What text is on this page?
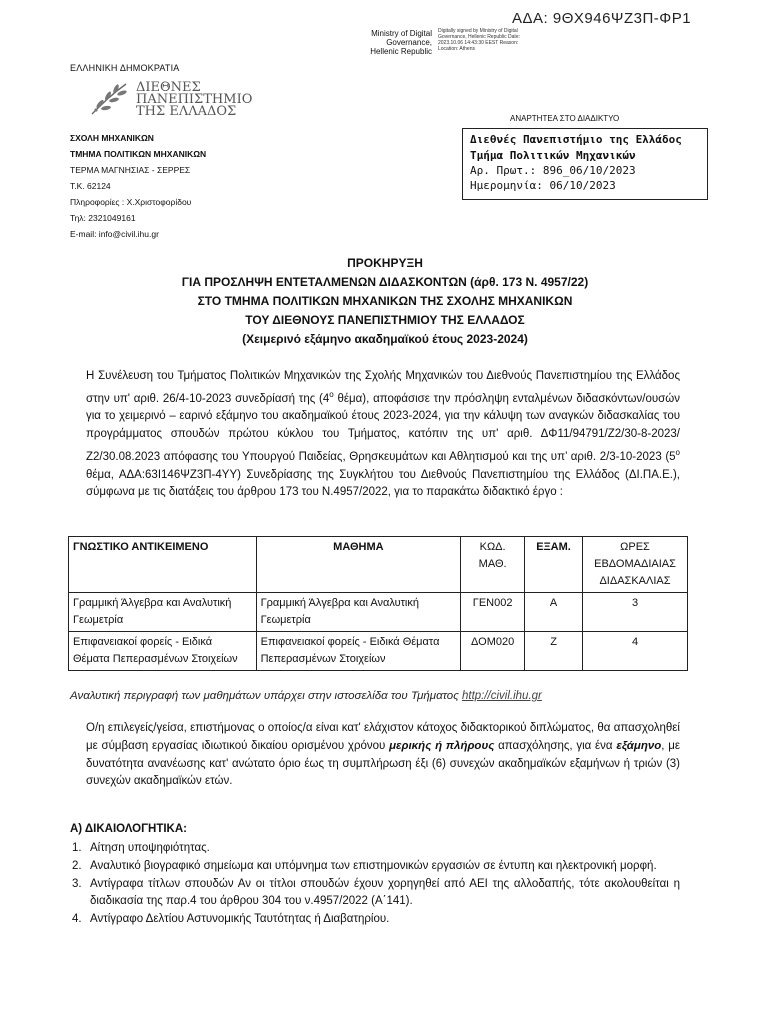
ΑΔΑ: 9ΘΧ946ΨΖ3Π-ΦΡ1
Ministry of Digital Governance, Hellenic Republic
Digitally signed by Ministry of Digital Governance, Hellenic Republic Date: 2023.10.06 14:43:30 EEST Reason: Location: Athens
ΕΛΛΗΝΙΚΗ ΔΗΜΟΚΡΑΤΙΑ
ΔΙΕΘΝΕΣ
ΠΑΝΕΠΙΣΤΗΜΙΟ
ΤΗΣ ΕΛΛΑΔΟΣ	ΑΝΑΡΤΗΤΕΑ ΣΤΟ ΔΙΑΔΙΚΤΥΟ
Διεθνές Πανεπιστήμιο της Ελλάδος
Τμήμα Πολιτικών Μηχανικών
Αρ. Πρωτ.: 896_06/10/2023
Ημερομηνία: 06/10/2023
ΣΧΟΛΗ ΜΗΧΑΝΙΚΩΝ
ΤΜΗΜΑ ΠΟΛΙΤΙΚΩΝ ΜΗΧΑΝΙΚΩΝ
ΤΕΡΜΑ ΜΑΓΝΗΣΙΑΣ - ΣΕΡΡΕΣ
Τ.Κ. 62124
Πληροφορίες : Χ.Χριστοφορίδου
Τηλ: 2321049161
E-mail: info@civil.ihu.gr
ΠΡΟΚΗΡΥΞΗ
ΓΙΑ ΠΡΟΣΛΗΨΗ ΕΝΤΕΤΑΛΜΕΝΩΝ ΔΙΔΑΣΚΟΝΤΩΝ (άρθ. 173 Ν. 4957/22)
ΣΤΟ ΤΜΗΜΑ ΠΟΛΙΤΙΚΩΝ ΜΗΧΑΝΙΚΩΝ ΤΗΣ ΣΧΟΛΗΣ ΜΗΧΑΝΙΚΩΝ
ΤΟΥ ΔΙΕΘΝΟΥΣ ΠΑΝΕΠΙΣΤΗΜΙΟΥ ΤΗΣ ΕΛΛΑΔΟΣ
(Χειμερινό εξάμηνο ακαδημαϊκού έτους 2023-2024)
Η Συνέλευση του Τμήματος Πολιτικών Μηχανικών της Σχολής Μηχανικών του Διεθνούς Πανεπιστημίου της Ελλάδος στην υπ' αριθ. 26/4-10-2023 συνεδρίασή της ($4^o$ θέμα), αποφάσισε την πρόσληψη ενταλμένων διδασκόντων/ουσών για το χειμερινό – εαρινό εξάμηνο του ακαδημαϊκού έτους 2023-2024, για την κάλυψη των αναγκών διδασκαλίας του προγράμματος σπουδών πρώτου κύκλου του Τμήματος, κατόπιν της υπ' αριθ. ΔΦ11/94791/Ζ2/30-8-2023/Ζ2/30.08.2023 απόφασης του Υπουργού Παιδείας, Θρησκευμάτων και Αθλητισμού και της υπ’ αριθ. 2/3-10-2023 ($5^o$ θέμα, ΑΔΑ:63Ι146ΨΖ3Π-4ΥΥ) Συνεδρίασης της Συγκλήτου του Διεθνούς Πανεπιστημίου της Ελλάδος (ΔΙ.ΠΑ.Ε.), σύμφωνα με τις διατάξεις του άρθρου 173 του Ν.4957/2022, για το παρακάτω διδακτικό έργο :
ΓΝΩΣΤΙΚΟ ΑΝΤΙΚΕΙΜΕΝΟ	ΜΑΘΗΜΑ	ΚΩΔ. ΜΑΘ.	ΕΞΑΜ.	ΩΡΕΣ ΕΒΔΟΜΑΔΙΑΙΑΣ ΔΙΔΑΣΚΑΛΙΑΣ
Γραμμική Άλγεβρα και Αναλυτική Γεωμετρία	Γραμμική Άλγεβρα και Αναλυτική Γεωμετρία	ΓΕΝ002	Α	3
Επιφανειακοί φορείς - Ειδικά Θέματα Πεπερασμένων Στοιχείων	Επιφανειακοί φορείς - Ειδικά Θέματα Πεπερασμένων Στοιχείων	ΔΟΜ020	Ζ	4
Αναλυτική περιγραφή των μαθημάτων υπάρχει στην ιστοσελίδα του Τμήματος http://civil.ihu.gr
Ο/η επιλεγείς/γείσα, επιστήμονας ο οποίος/α είναι κατ' ελάχιστον κάτοχος διδακτορικού διπλώματος, θα απασχοληθεί με σύμβαση εργασίας ιδιωτικού δικαίου ορισμένου χρόνου μερικής ή πλήρους απασχόλησης, για ένα εξάμηνο, με δυνατότητα ανανέωσης κατ' ανώτατο όριο έως τη συμπλήρωση έξι (6) συνεχών ακαδημαϊκών εξαμήνων ή τριών (3) συνεχών ακαδημαϊκών ετών.
Α) ΔΙΚΑΙΟΛΟΓΗΤΙΚΑ:
1. Αίτηση υποψηφιότητας.
2. Αναλυτικό βιογραφικό σημείωμα και υπόμνημα των επιστημονικών εργασιών σε έντυπη και ηλεκτρονική μορφή.
3. Αντίγραφα τίτλων σπουδών Αν οι τίτλοι σπουδών έχουν χορηγηθεί από ΑΕΙ της αλλοδαπής, τότε ακολουθείται η διαδικασία της παρ.4 του άρθρου 304 του ν.4957/2022 (Α΄141).
4. Αντίγραφο Δελτίου Αστυνομικής Ταυτότητας ή Διαβατηρίου.
